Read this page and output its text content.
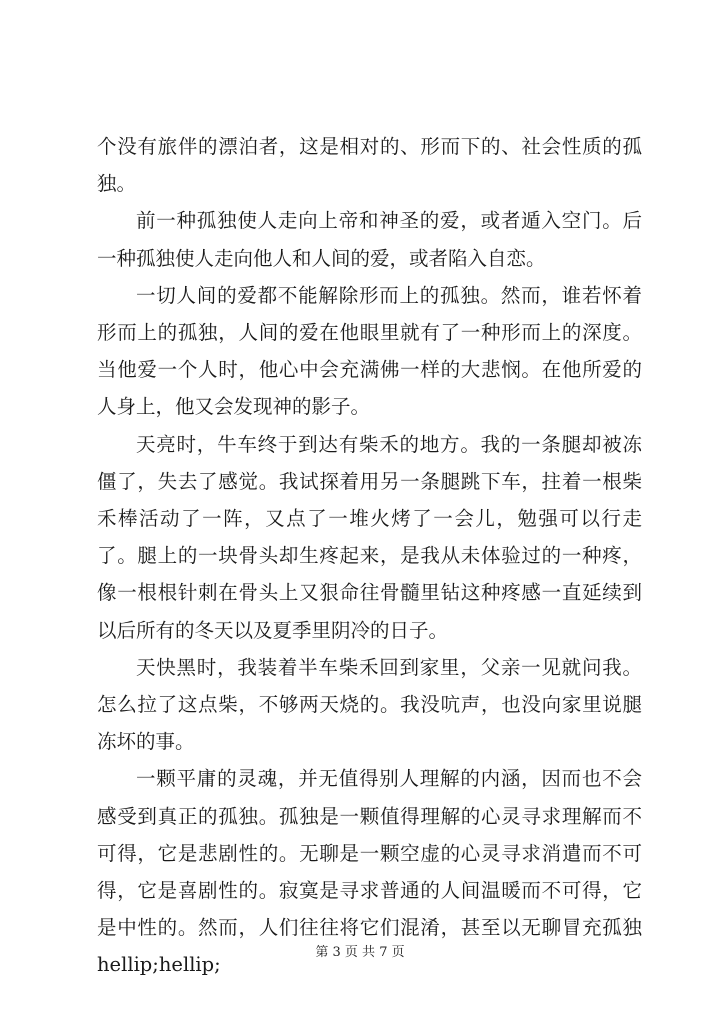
个没有旅伴的漂泊者，这是相对的、形而下的、社会性质的孤独。

前一种孤独使人走向上帝和神圣的爱，或者遁入空门。后一种孤独使人走向他人和人间的爱，或者陷入自恋。

一切人间的爱都不能解除形而上的孤独。然而，谁若怀着形而上的孤独，人间的爱在他眼里就有了一种形而上的深度。当他爱一个人时，他心中会充满佛一样的大悲悯。在他所爱的人身上，他又会发现神的影子。

天亮时，牛车终于到达有柴禾的地方。我的一条腿却被冻僵了，失去了感觉。我试探着用另一条腿跳下车，拄着一根柴禾棒活动了一阵，又点了一堆火烤了一会儿，勉强可以行走了。腿上的一块骨头却生疼起来，是我从未体验过的一种疼，像一根根针刺在骨头上又狠命往骨髓里钻这种疼感一直延续到以后所有的冬天以及夏季里阴冷的日子。

天快黑时，我装着半车柴禾回到家里，父亲一见就问我。怎么拉了这点柴，不够两天烧的。我没吭声，也没向家里说腿冻坏的事。

一颗平庸的灵魂，并无值得别人理解的内涵，因而也不会感受到真正的孤独。孤独是一颗值得理解的心灵寻求理解而不可得，它是悲剧性的。无聊是一颗空虚的心灵寻求消遣而不可得，它是喜剧性的。寂寞是寻求普通的人间温暖而不可得，它是中性的。然而，人们往往将它们混淆，甚至以无聊冒充孤独hellip;hellip;

第 3 页 共 7 页
